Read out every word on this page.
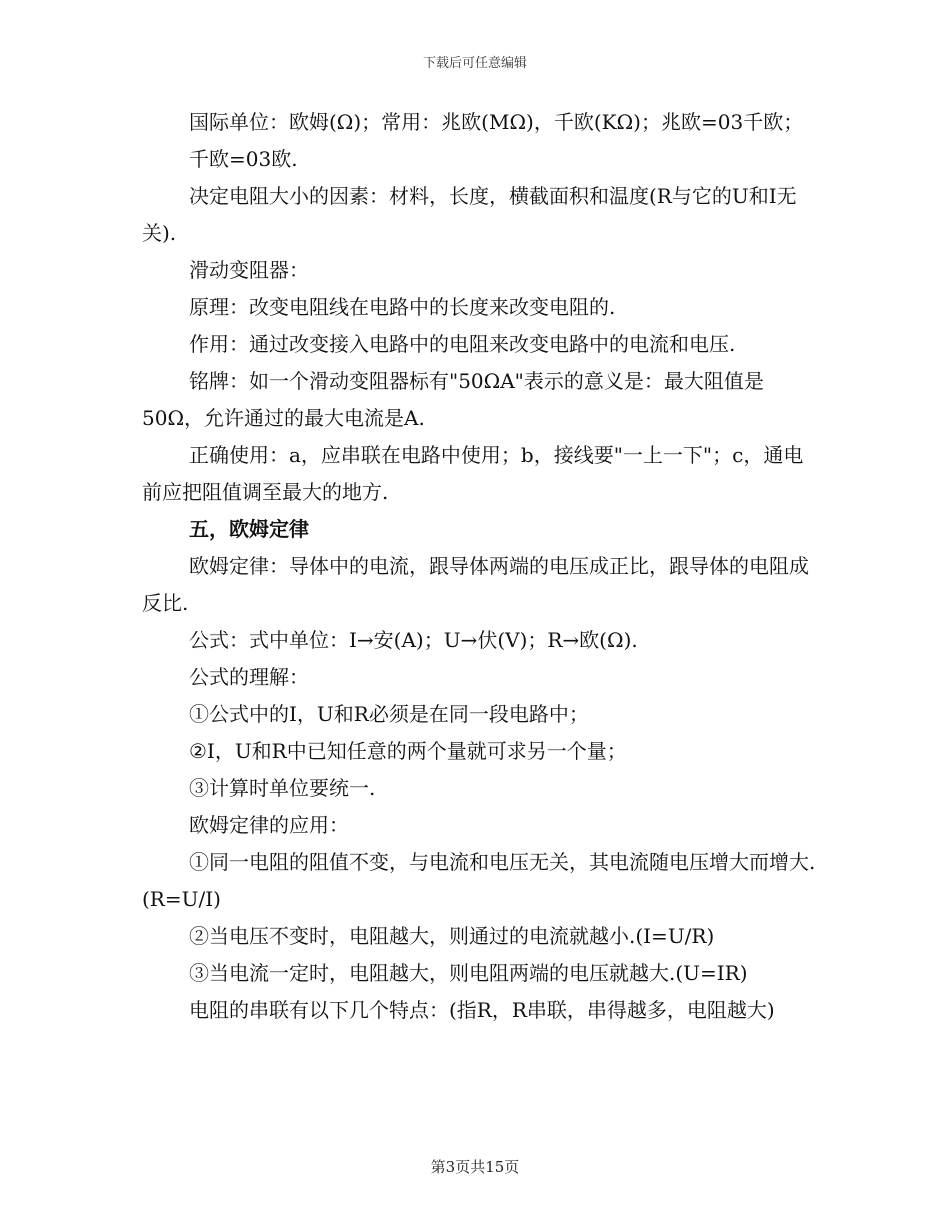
下载后可任意编辑

国际单位：欧姆(Ω)；常用：兆欧(MΩ)，千欧(KΩ)；兆欧=03千欧；

千欧=03欧.

决定电阻大小的因素：材料，长度，横截面积和温度(R与它的U和I无关).

滑动变阻器：

原理：改变电阻线在电路中的长度来改变电阻的.

作用：通过改变接入电路中的电阻来改变电路中的电流和电压.

铭牌：如一个滑动变阻器标有"50ΩA"表示的意义是：最大阻值是50Ω，允许通过的最大电流是A.

正确使用：a，应串联在电路中使用；b，接线要"一上一下"；c，通电前应把阻值调至最大的地方.

五，欧姆定律

欧姆定律：导体中的电流，跟导体两端的电压成正比，跟导体的电阻成反比.

公式：式中单位：I→安(A)；U→伏(V)；R→欧(Ω).

公式的理解：

①公式中的I，U和R必须是在同一段电路中；

②I，U和R中已知任意的两个量就可求另一个量；

③计算时单位要统一.

欧姆定律的应用：

①同一电阻的阻值不变，与电流和电压无关，其电流随电压增大而增大.(R=U/I)

②当电压不变时，电阻越大，则通过的电流就越小.(I=U/R)

③当电流一定时，电阻越大，则电阻两端的电压就越大.(U=IR)

电阻的串联有以下几个特点：(指R，R串联，串得越多，电阻越大)

第3页共15页
